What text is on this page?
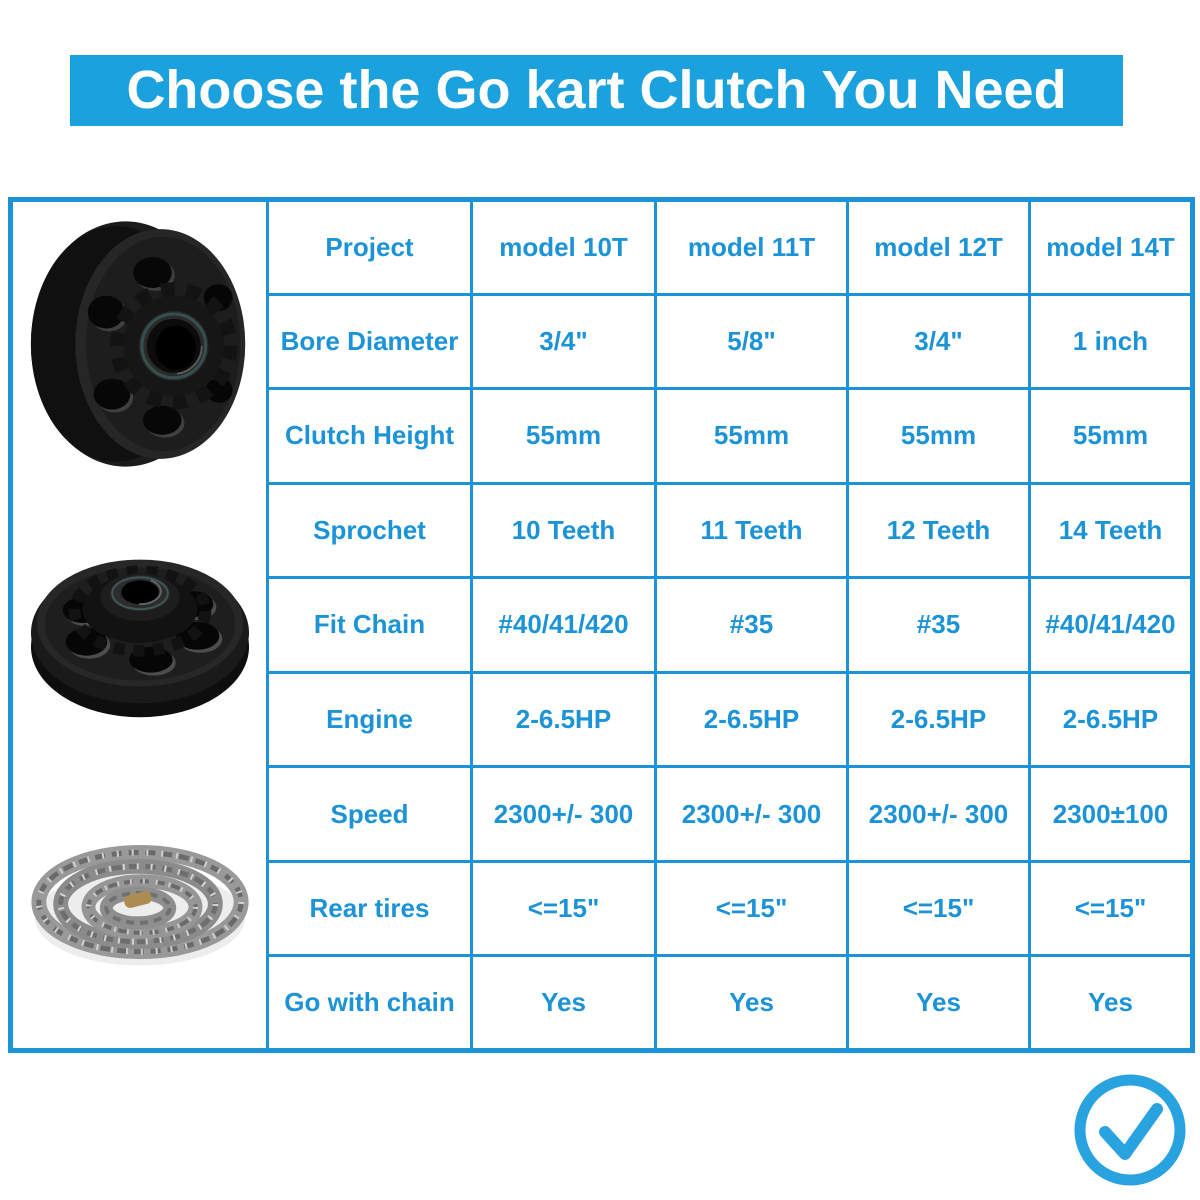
Choose the Go kart Clutch You Need
	Project	model 10T	model 11T	model 12T	model 14T
	Bore Diameter	3/4"	5/8"	3/4"	1 inch
	Clutch Height	55mm	55mm	55mm	55mm
	Sprochet	10 Teeth	11 Teeth	12 Teeth	14 Teeth
	Fit Chain	#40/41/420	#35	#35	#40/41/420
	Engine	2-6.5HP	2-6.5HP	2-6.5HP	2-6.5HP
	Speed	2300+/- 300	2300+/- 300	2300+/- 300	2300±100
	Rear tires	<=15"	<=15"	<=15"	<=15"
	Go with chain	Yes	Yes	Yes	Yes
